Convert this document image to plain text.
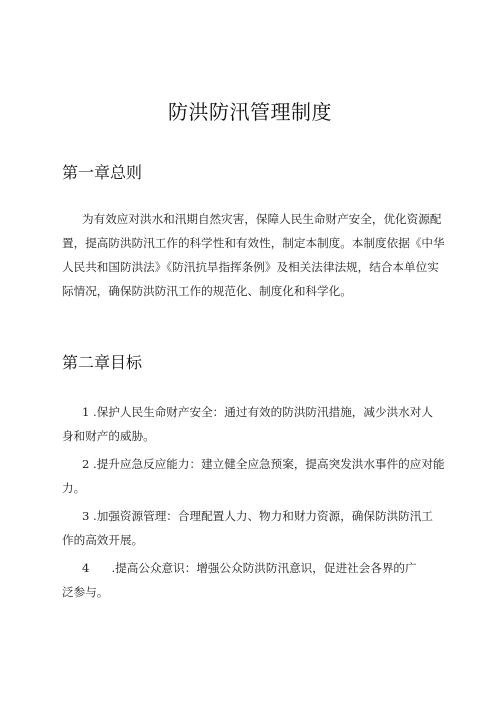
防洪防汛管理制度
第一章总则
为有效应对洪水和汛期自然灾害，保障人民生命财产安全，优化资源配
置，提高防洪防汛工作的科学性和有效性，制定本制度。本制度依据《中华
人民共和国防洪法》《防汛抗旱指挥条例》及相关法律法规，结合本单位实
际情况，确保防洪防汛工作的规范化、制度化和科学化。
第二章目标
1 .保护人民生命财产安全：通过有效的防洪防汛措施，减少洪水对人
身和财产的威胁。
2 .提升应急反应能力：建立健全应急预案，提高突发洪水事件的应对能
力。
3 .加强资源管理：合理配置人力、物力和财力资源，确保防洪防汛工
作的高效开展。
4      .提高公众意识：增强公众防洪防汛意识，促进社会各界的广
泛参与。
